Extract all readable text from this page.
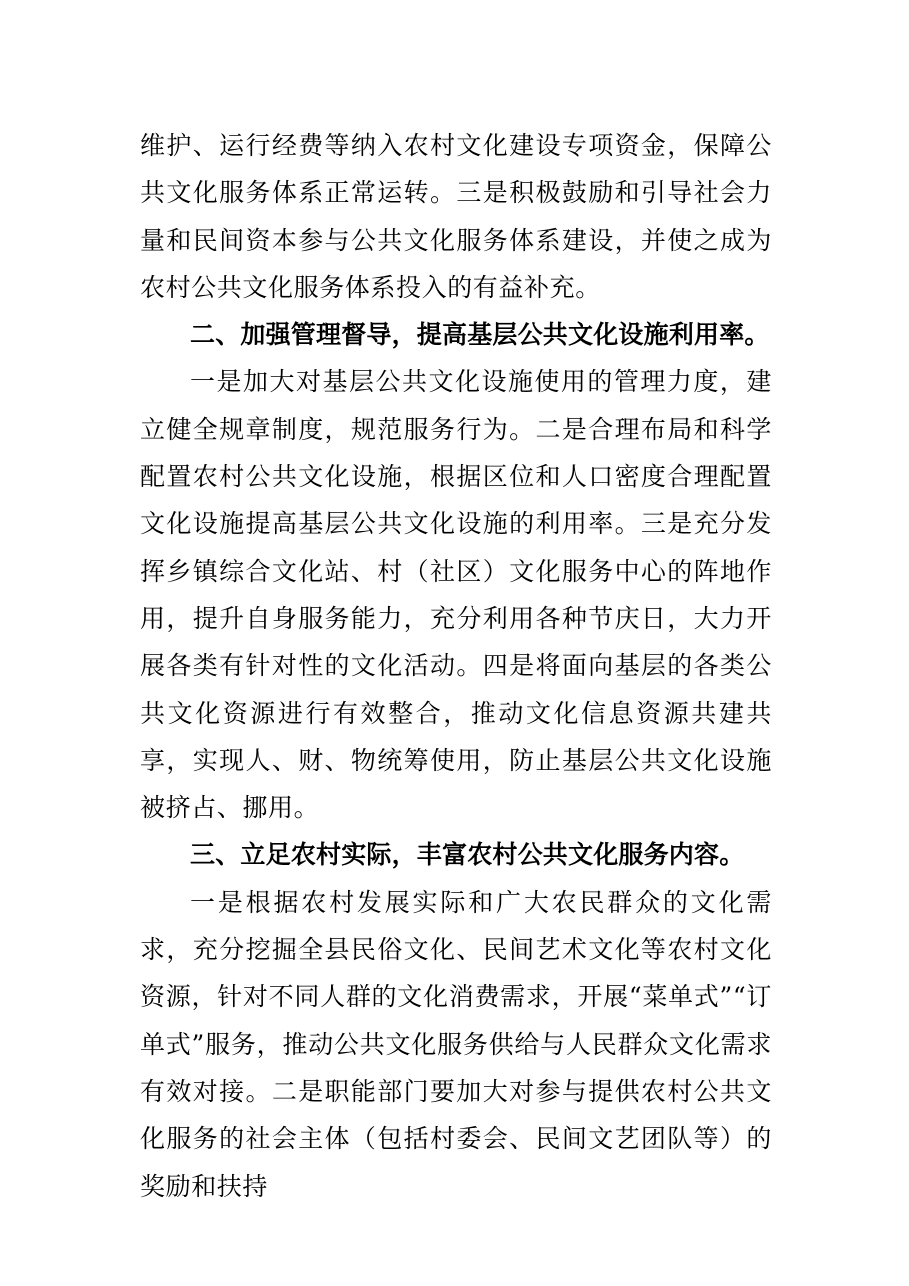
维护、运行经费等纳入农村文化建设专项资金，保障公共文化服务体系正常运转。三是积极鼓励和引导社会力量和民间资本参与公共文化服务体系建设，并使之成为农村公共文化服务体系投入的有益补充。

二、加强管理督导，提高基层公共文化设施利用率。

一是加大对基层公共文化设施使用的管理力度，建立健全规章制度，规范服务行为。二是合理布局和科学配置农村公共文化设施，根据区位和人口密度合理配置文化设施提高基层公共文化设施的利用率。三是充分发挥乡镇综合文化站、村（社区）文化服务中心的阵地作用，提升自身服务能力，充分利用各种节庆日，大力开展各类有针对性的文化活动。四是将面向基层的各类公共文化资源进行有效整合，推动文化信息资源共建共享，实现人、财、物统筹使用，防止基层公共文化设施被挤占、挪用。

三、立足农村实际，丰富农村公共文化服务内容。

一是根据农村发展实际和广大农民群众的文化需求，充分挖掘全县民俗文化、民间艺术文化等农村文化资源，针对不同人群的文化消费需求，开展“菜单式”“订单式”服务，推动公共文化服务供给与人民群众文化需求有效对接。二是职能部门要加大对参与提供农村公共文化服务的社会主体（包括村委会、民间文艺团队等）的奖励和扶持
